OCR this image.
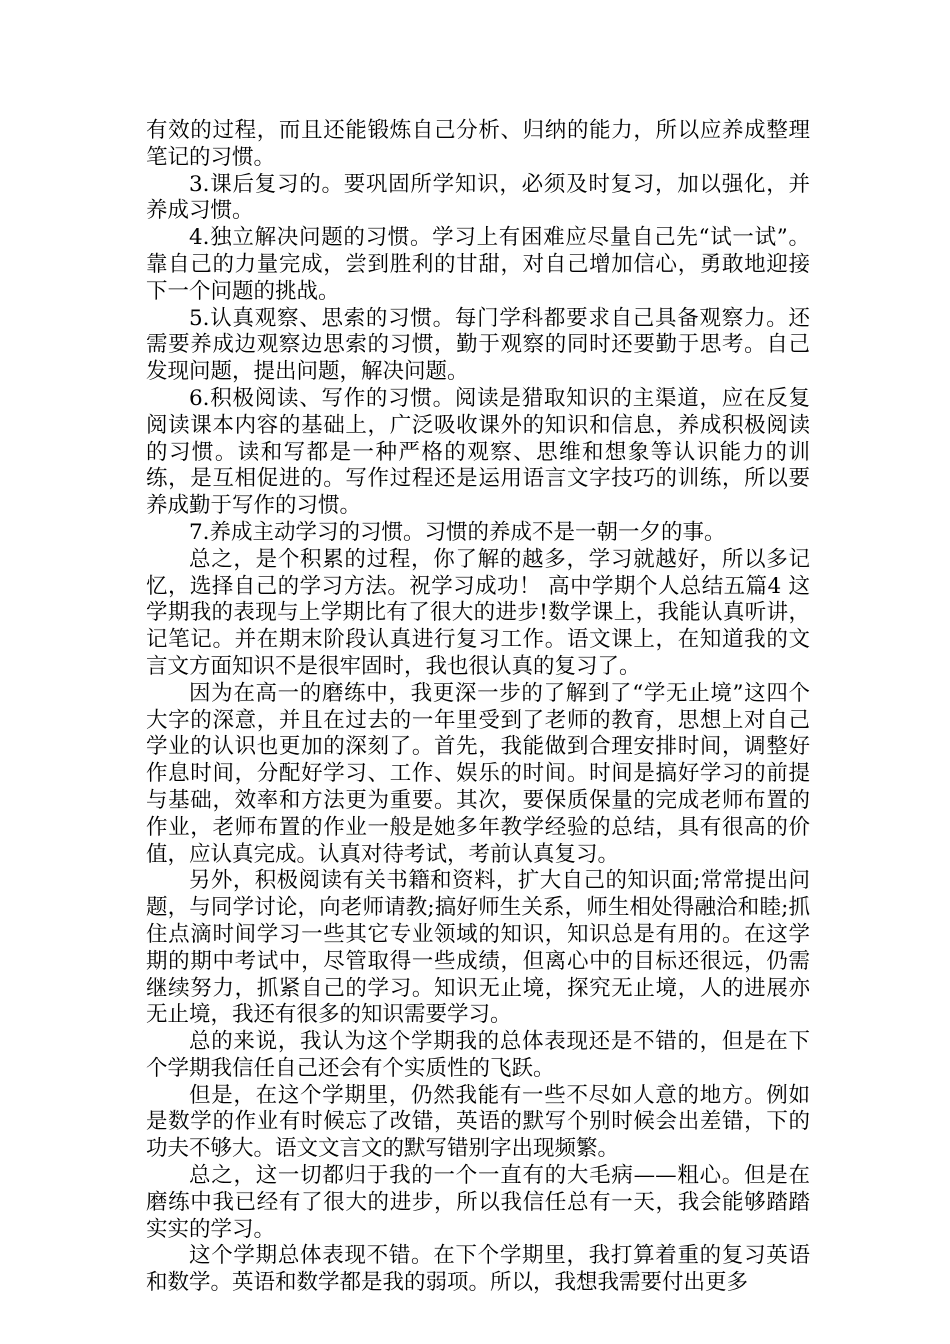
有效的过程，而且还能锻炼自己分析、归纳的能力，所以应养成整理笔记的习惯。

3.课后复习的。要巩固所学知识，必须及时复习，加以强化，并养成习惯。

4.独立解决问题的习惯。学习上有困难应尽量自己先“试一试”。靠自己的力量完成，尝到胜利的甘甜，对自己增加信心，勇敢地迎接下一个问题的挑战。

5.认真观察、思索的习惯。每门学科都要求自己具备观察力。还需要养成边观察边思索的习惯，勤于观察的同时还要勤于思考。自己发现问题，提出问题，解决问题。

6.积极阅读、写作的习惯。阅读是猎取知识的主渠道，应在反复阅读课本内容的基础上，广泛吸收课外的知识和信息，养成积极阅读的习惯。读和写都是一种严格的观察、思维和想象等认识能力的训练，是互相促进的。写作过程还是运用语言文字技巧的训练，所以要养成勤于写作的习惯。

7.养成主动学习的习惯。习惯的养成不是一朝一夕的事。

总之，是个积累的过程，你了解的越多，学习就越好，所以多记忆，选择自己的学习方法。祝学习成功！ 高中学期个人总结五篇4 这学期我的表现与上学期比有了很大的进步!数学课上，我能认真听讲，记笔记。并在期末阶段认真进行复习工作。语文课上，在知道我的文言文方面知识不是很牢固时，我也很认真的复习了。

因为在高一的磨练中，我更深一步的了解到了“学无止境”这四个大字的深意，并且在过去的一年里受到了老师的教育，思想上对自己学业的认识也更加的深刻了。首先，我能做到合理安排时间，调整好作息时间，分配好学习、工作、娱乐的时间。时间是搞好学习的前提与基础，效率和方法更为重要。其次，要保质保量的完成老师布置的作业，老师布置的作业一般是她多年教学经验的总结，具有很高的价值，应认真完成。认真对待考试，考前认真复习。

另外，积极阅读有关书籍和资料，扩大自己的知识面;常常提出问题，与同学讨论，向老师请教;搞好师生关系，师生相处得融洽和睦;抓住点滴时间学习一些其它专业领域的知识，知识总是有用的。在这学期的期中考试中，尽管取得一些成绩，但离心中的目标还很远，仍需继续努力，抓紧自己的学习。知识无止境，探究无止境，人的进展亦无止境，我还有很多的知识需要学习。

总的来说，我认为这个学期我的总体表现还是不错的，但是在下个学期我信任自己还会有个实质性的飞跃。

但是，在这个学期里，仍然我能有一些不尽如人意的地方。例如是数学的作业有时候忘了改错，英语的默写个别时候会出差错，下的功夫不够大。语文文言文的默写错别字出现频繁。

总之，这一切都归于我的一个一直有的大毛病——粗心。但是在磨练中我已经有了很大的进步，所以我信任总有一天，我会能够踏踏实实的学习。

这个学期总体表现不错。在下个学期里，我打算着重的复习英语和数学。英语和数学都是我的弱项。所以，我想我需要付出更多
